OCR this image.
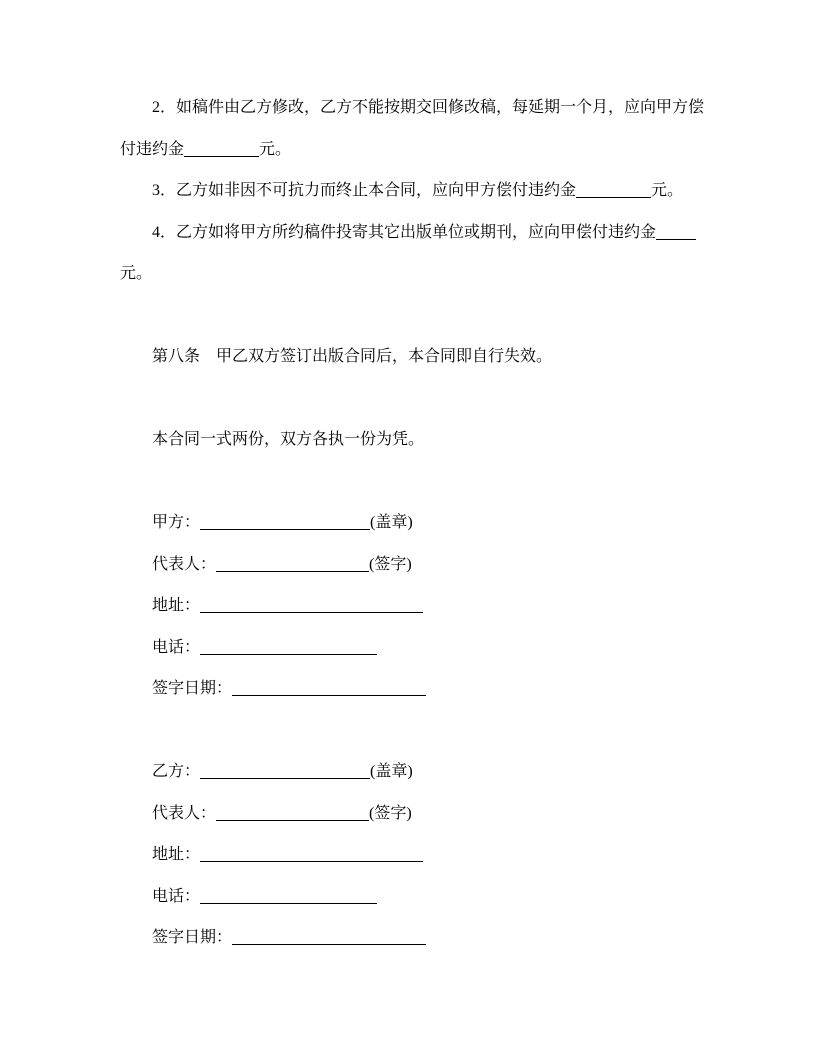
2．如稿件由乙方修改，乙方不能按期交回修改稿，每延期一个月，应向甲方偿
付违约金	元。
3．乙方如非因不可抗力而终止本合同，应向甲方偿付违约金	元。
4．乙方如将甲方所约稿件投寄其它出版单位或期刊，应向甲偿付违约金
元。
第八条　甲乙双方签订出版合同后，本合同即自行失效。
本合同一式两份，双方各执一份为凭。
甲方：	(盖章)
代表人：	(签字)
地址：
电话：
签字日期：
乙方：	(盖章)
代表人：	(签字)
地址：
电话：
签字日期：
